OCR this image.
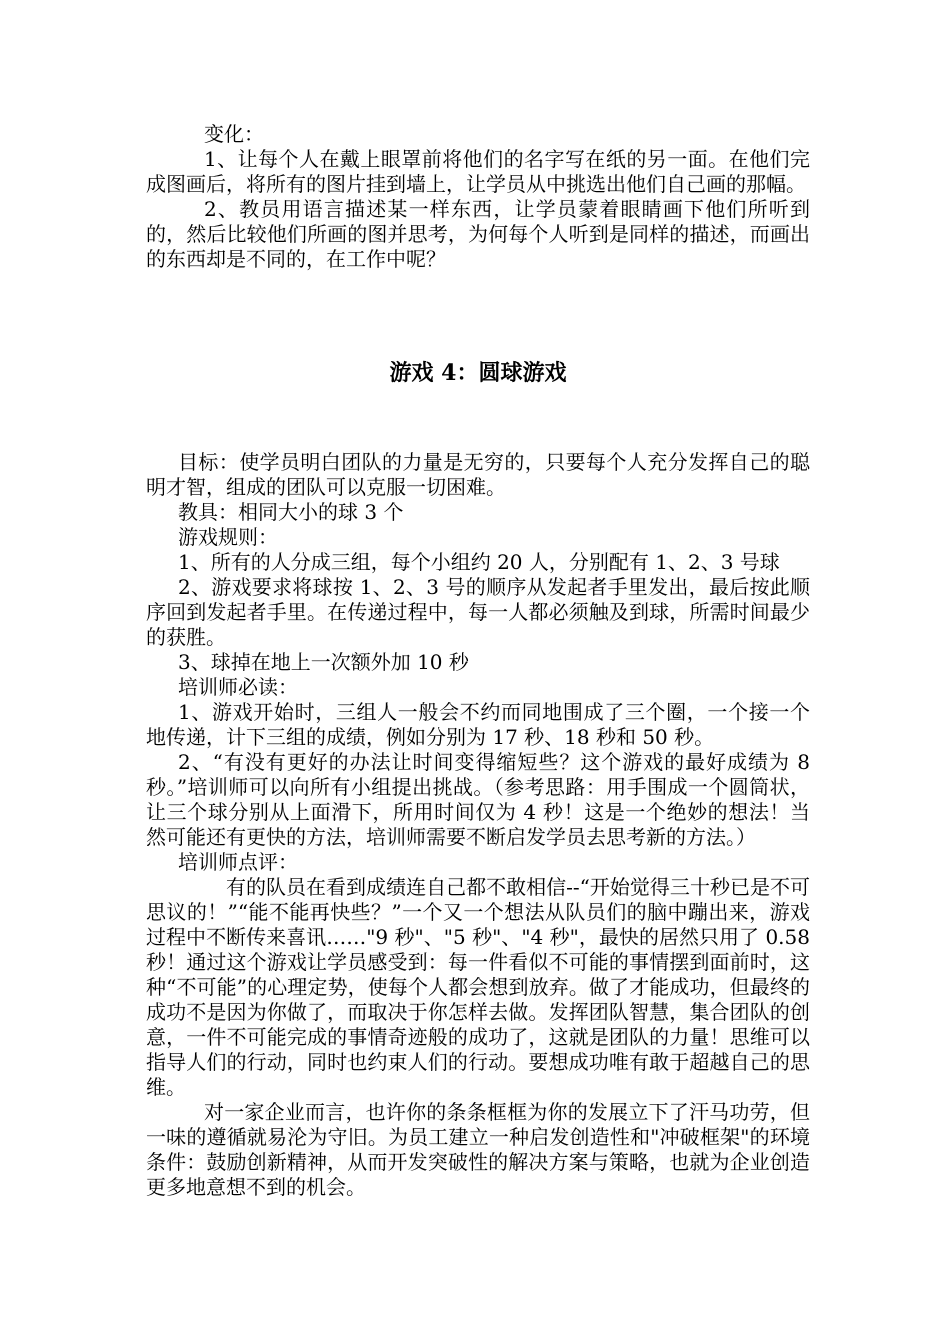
变化：

1、让每个人在戴上眼罩前将他们的名字写在纸的另一面。在他们完成图画后，将所有的图片挂到墙上，让学员从中挑选出他们自己画的那幅。

2、教员用语言描述某一样东西，让学员蒙着眼睛画下他们所听到的，然后比较他们所画的图并思考，为何每个人听到是同样的描述，而画出的东西却是不同的，在工作中呢？

游戏 4：圆球游戏

目标：使学员明白团队的力量是无穷的，只要每个人充分发挥自己的聪明才智，组成的团队可以克服一切困难。

教具：相同大小的球 3 个

游戏规则：

1、所有的人分成三组，每个小组约 20 人，分别配有 1、2、3 号球

2、游戏要求将球按 1、2、3 号的顺序从发起者手里发出，最后按此顺序回到发起者手里。在传递过程中，每一人都必须触及到球，所需时间最少的获胜。

3、球掉在地上一次额外加 10 秒

培训师必读：

1、游戏开始时，三组人一般会不约而同地围成了三个圈，一个接一个地传递，计下三组的成绩，例如分别为 17 秒、18 秒和 50 秒。

2、“有没有更好的办法让时间变得缩短些？这个游戏的最好成绩为 8 秒。”培训师可以向所有小组提出挑战。（参考思路：用手围成一个圆筒状，让三个球分别从上面滑下，所用时间仅为 4 秒！这是一个绝妙的想法！当然可能还有更快的方法，培训师需要不断启发学员去思考新的方法。）

培训师点评：

有的队员在看到成绩连自己都不敢相信--“开始觉得三十秒已是不可思议的！”“能不能再快些？”一个又一个想法从队员们的脑中蹦出来，游戏过程中不断传来喜讯……"9 秒"、"5 秒"、"4 秒"，最快的居然只用了 0.58 秒！通过这个游戏让学员感受到：每一件看似不可能的事情摆到面前时，这种“不可能”的心理定势，使每个人都会想到放弃。做了才能成功，但最终的成功不是因为你做了，而取决于你怎样去做。发挥团队智慧，集合团队的创意，一件不可能完成的事情奇迹般的成功了，这就是团队的力量！思维可以指导人们的行动，同时也约束人们的行动。要想成功唯有敢于超越自己的思维。

对一家企业而言，也许你的条条框框为你的发展立下了汗马功劳，但一味的遵循就易沦为守旧。为员工建立一种启发创造性和"冲破框架"的环境条件：鼓励创新精神，从而开发突破性的解决方案与策略，也就为企业创造更多地意想不到的机会。
